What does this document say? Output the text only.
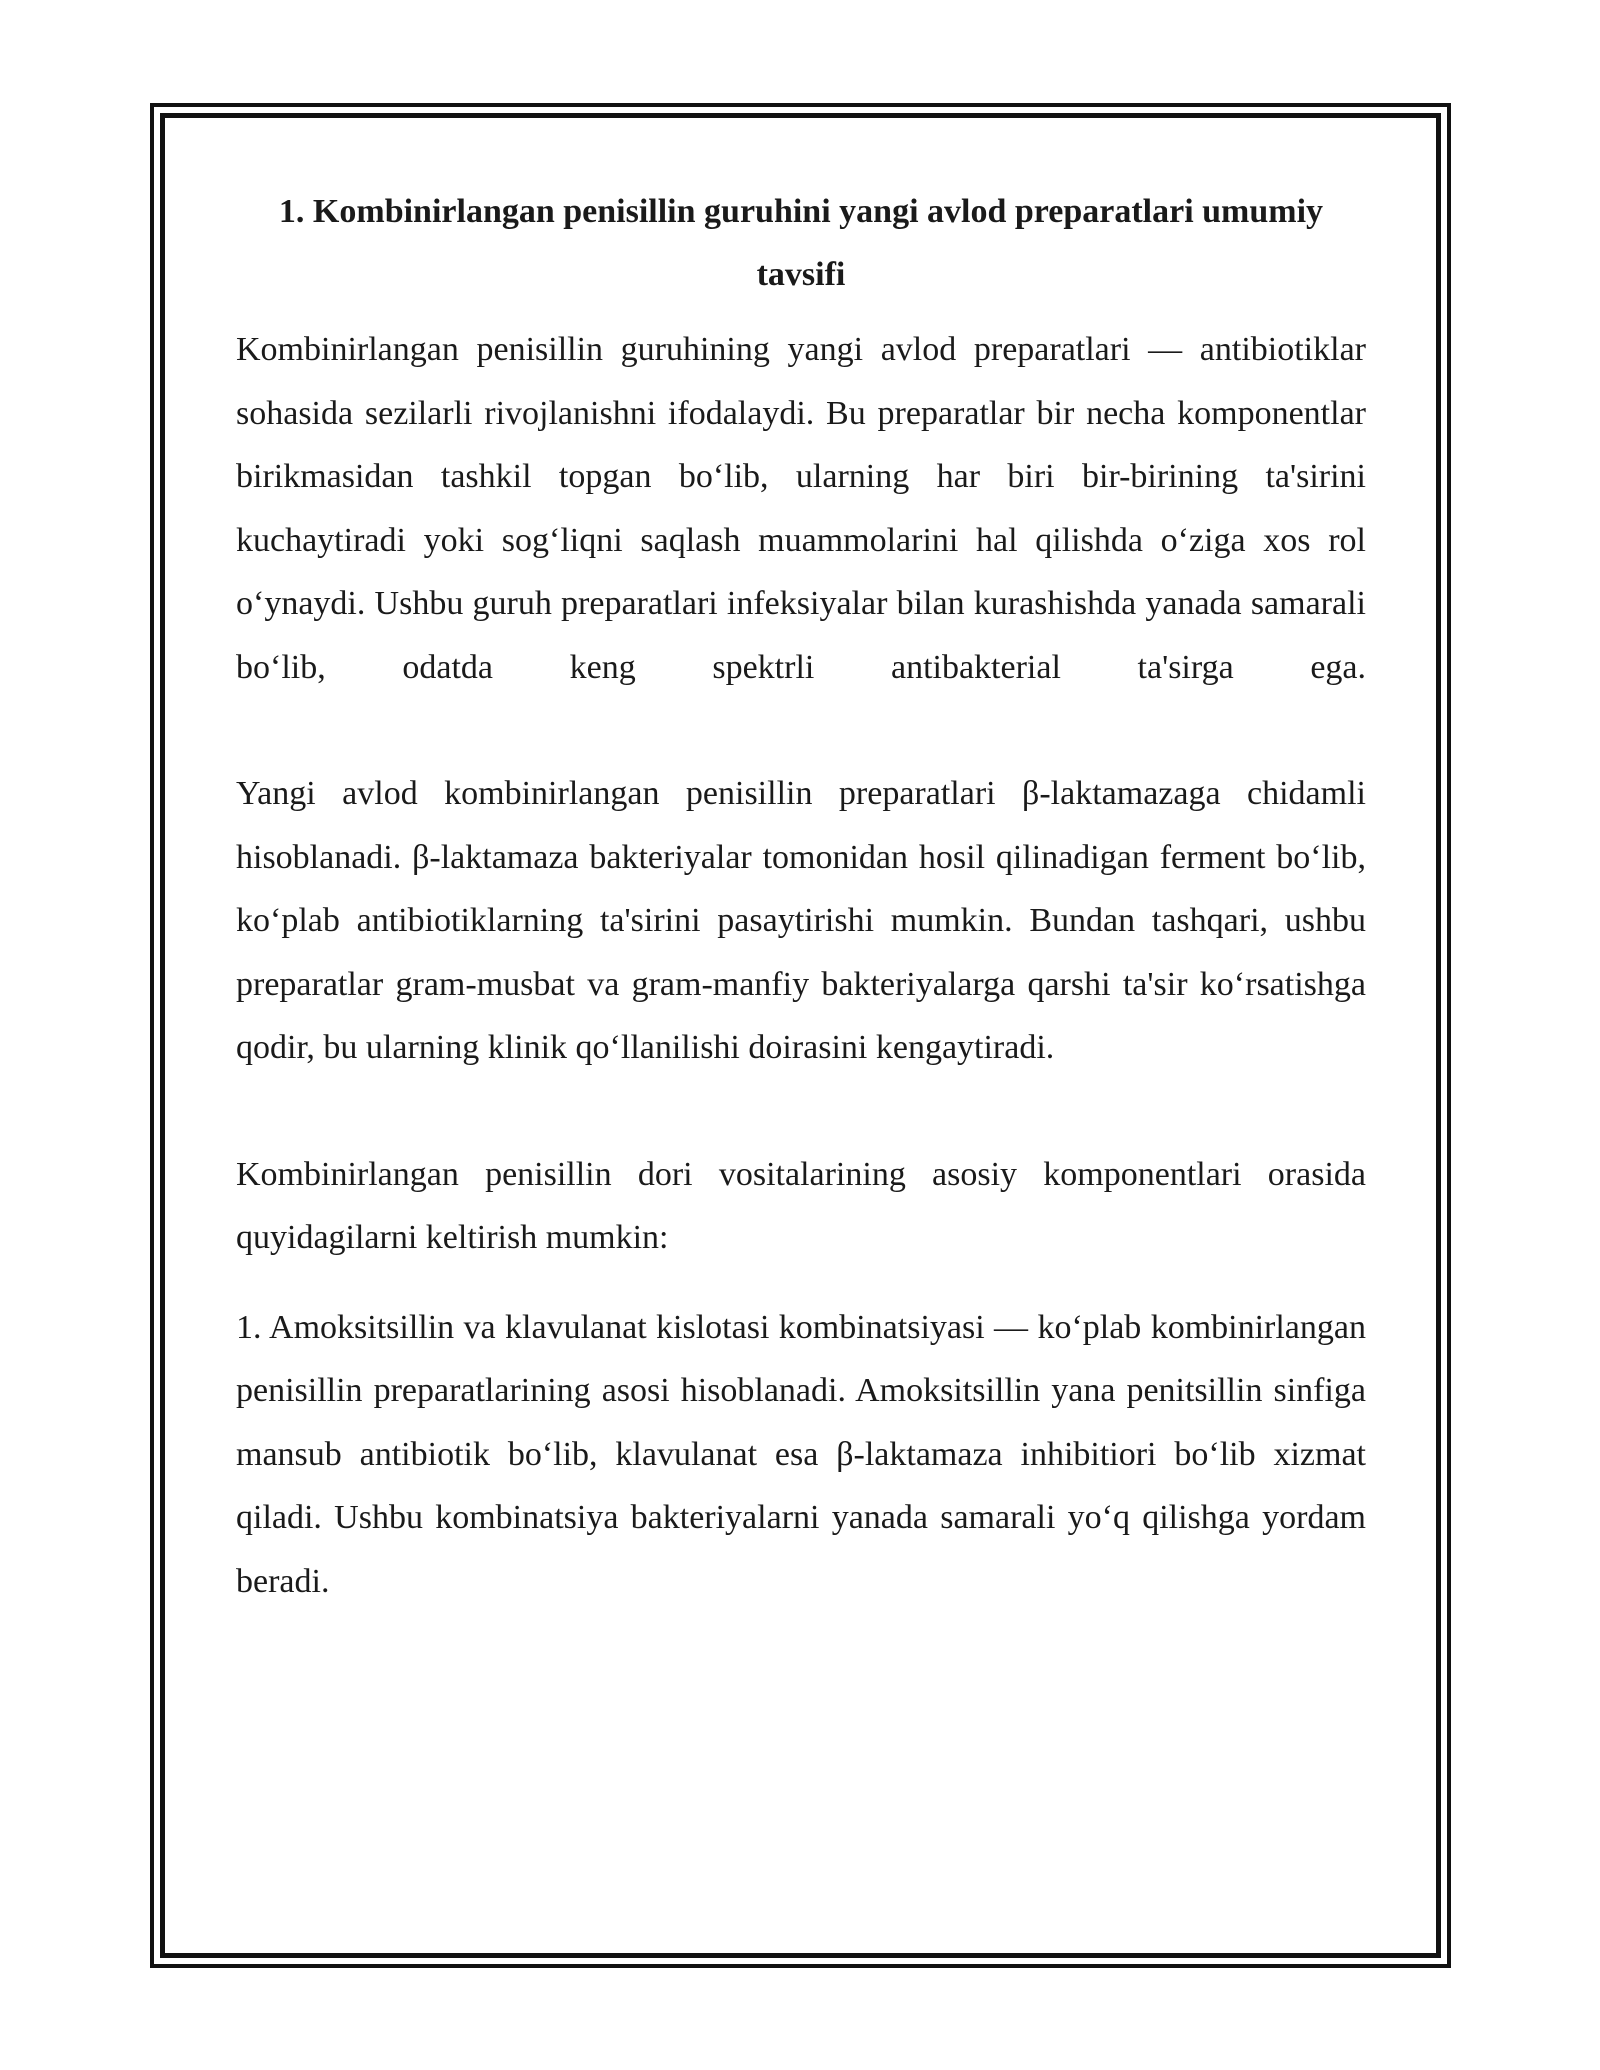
1. Kombinirlangan penisillin guruhini yangi avlod preparatlari umumiy tavsifi

Kombinirlangan penisillin guruhining yangi avlod preparatlari — antibiotiklar sohasida sezilarli rivojlanishni ifodalaydi. Bu preparatlar bir necha komponentlar birikmasidan tashkil topgan bo‘lib, ularning har biri bir-birining ta'sirini kuchaytiradi yoki sog‘liqni saqlash muammolarini hal qilishda o‘ziga xos rol o‘ynaydi. Ushbu guruh preparatlari infeksiyalar bilan kurashishda yanada samarali bo‘lib, odatda keng spektrli antibakterial ta'sirga ega.

Yangi avlod kombinirlangan penisillin preparatlari β-laktamazaga chidamli hisoblanadi. β-laktamaza bakteriyalar tomonidan hosil qilinadigan ferment bo‘lib, ko‘plab antibiotiklarning ta'sirini pasaytirishi mumkin. Bundan tashqari, ushbu preparatlar gram-musbat va gram-manfiy bakteriyalarga qarshi ta'sir ko‘rsatishga qodir, bu ularning klinik qo‘llanilishi doirasini kengaytiradi.

Kombinirlangan penisillin dori vositalarining asosiy komponentlari orasida quyidagilarni keltirish mumkin:

1. Amoksitsillin va klavulanat kislotasi kombinatsiyasi — ko‘plab kombinirlangan penisillin preparatlarining asosi hisoblanadi. Amoksitsillin yana penitsillin sinfiga mansub antibiotik bo‘lib, klavulanat esa β-laktamaza inhibitiori bo‘lib xizmat qiladi. Ushbu kombinatsiya bakteriyalarni yanada samarali yo‘q qilishga yordam beradi.
